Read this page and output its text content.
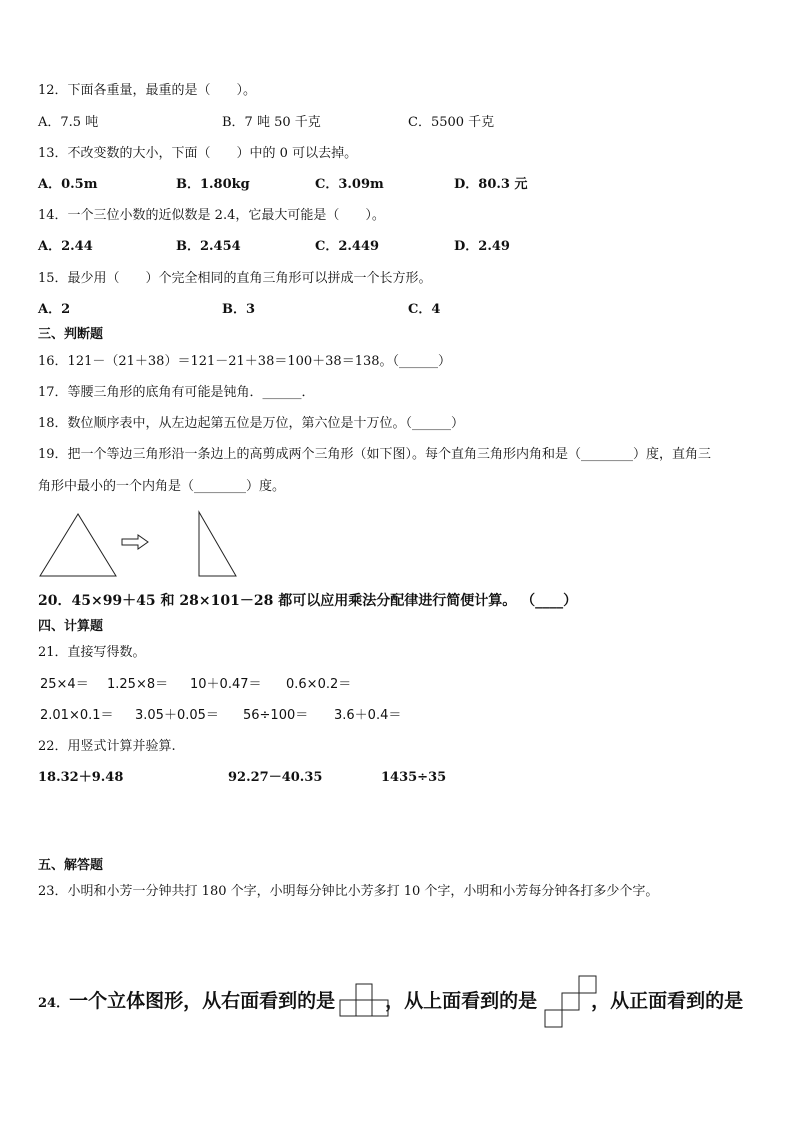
12．下面各重量，最重的是（　　）。
A．7.5 吨	B．7 吨 50 千克	C．5500 千克
13．不改变数的大小，下面（　　）中的 0 可以去掉。
A．0.5m	B．1.80kg	C．3.09m	D．80.3 元
14．一个三位小数的近似数是 2.4，它最大可能是（　　）。
A．2.44	B．2.454	C．2.449	D．2.49
15．最少用（　　）个完全相同的直角三角形可以拼成一个长方形。
A．2	B．3	C．4
三、判断题
16．121－（21＋38）＝121－21＋38＝100＋38＝138。（______）
17．等腰三角形的底角有可能是钝角．______．
18．数位顺序表中，从左边起第五位是万位，第六位是十万位。（______）
19．把一个等边三角形沿一条边上的高剪成两个三角形（如下图）。每个直角三角形内角和是（________）度，直角三
角形中最小的一个内角是（________）度。
20．45×99＋45 和 28×101－28 都可以应用乘法分配律进行简便计算。 （____）
四、计算题
21．直接写得数。
25×4＝ 1.25×8＝ 10＋0.47＝ 0.6×0.2＝
2.01×0.1＝ 3.05＋0.05＝ 56÷100＝ 3.6＋0.4＝
22．用竖式计算并验算.
18.32＋9.48	92.27－40.35	1435÷35
五、解答题
23．小明和小芳一分钟共打 180 个字，小明每分钟比小芳多打 10 个字，小明和小芳每分钟各打多少个字。
24．一个立体图形，从右面看到的是	，从上面看到的是	，从正面看到的是
